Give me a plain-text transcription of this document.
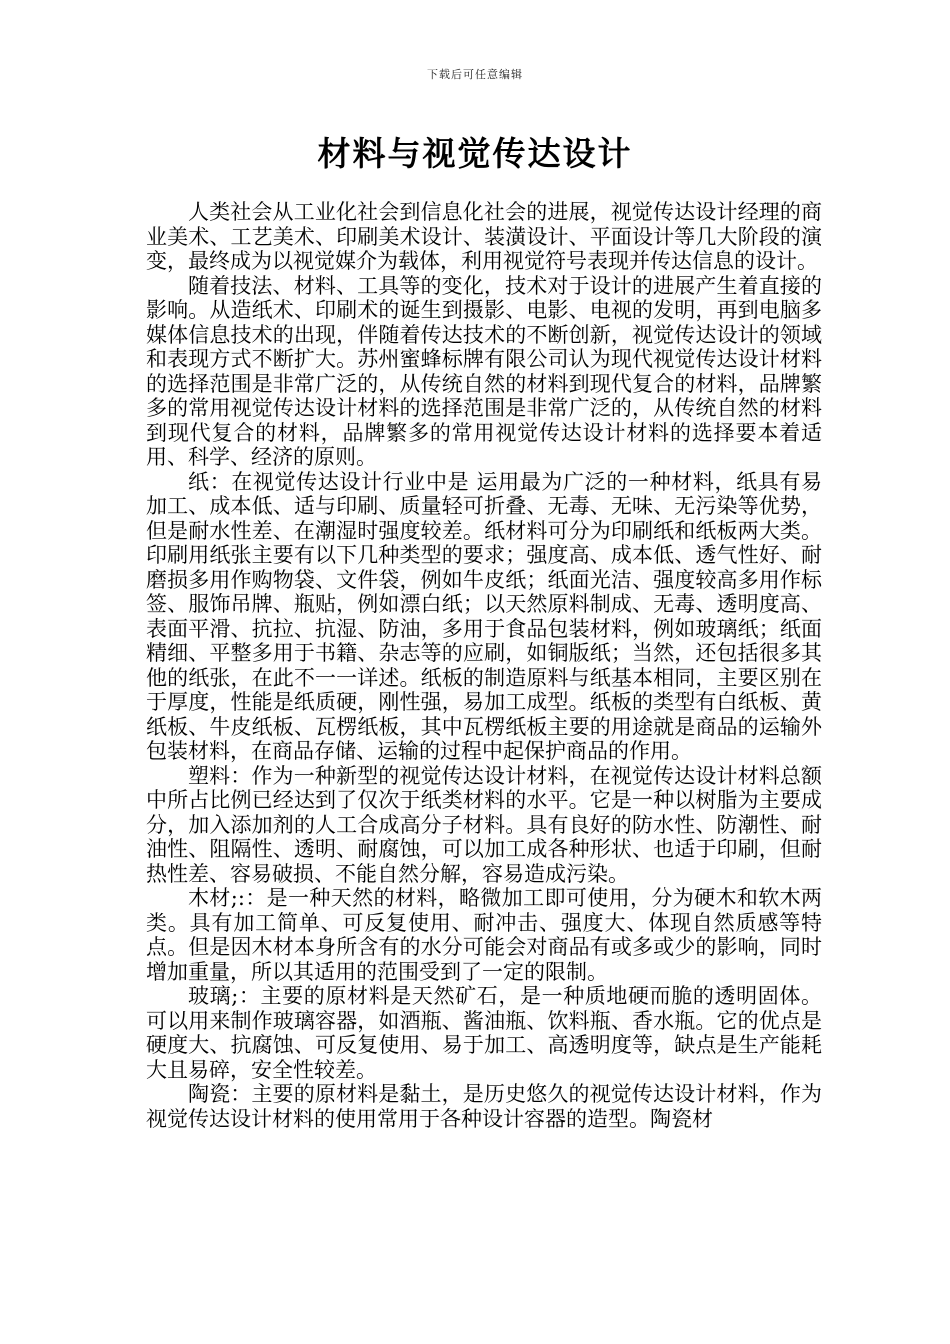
下载后可任意编辑
材料与视觉传达设计

人类社会从工业化社会到信息化社会的进展，视觉传达设计经理的商业美术、工艺美术、印刷美术设计、装潢设计、平面设计等几大阶段的演变，最终成为以视觉媒介为载体，利用视觉符号表现并传达信息的设计。

随着技法、材料、工具等的变化，技术对于设计的进展产生着直接的影响。从造纸术、印刷术的诞生到摄影、电影、电视的发明，再到电脑多媒体信息技术的出现，伴随着传达技术的不断创新，视觉传达设计的领域和表现方式不断扩大。苏州蜜蜂标牌有限公司认为现代视觉传达设计材料的选择范围是非常广泛的，从传统自然的材料到现代复合的材料，品牌繁多的常用视觉传达设计材料的选择范围是非常广泛的，从传统自然的材料到现代复合的材料，品牌繁多的常用视觉传达设计材料的选择要本着适用、科学、经济的原则。

纸：在视觉传达设计行业中是 运用最为广泛的一种材料，纸具有易加工、成本低、适与印刷、质量轻可折叠、无毒、无味、无污染等优势，但是耐水性差、在潮湿时强度较差。纸材料可分为印刷纸和纸板两大类。印刷用纸张主要有以下几种类型的要求；强度高、成本低、透气性好、耐磨损多用作购物袋、文件袋，例如牛皮纸；纸面光洁、强度较高多用作标签、服饰吊牌、瓶贴，例如漂白纸；以天然原料制成、无毒、透明度高、表面平滑、抗拉、抗湿、防油，多用于食品包装材料，例如玻璃纸；纸面精细、平整多用于书籍、杂志等的应刷，如铜版纸；当然，还包括很多其他的纸张，在此不一一详述。纸板的制造原料与纸基本相同，主要区别在于厚度，性能是纸质硬，刚性强，易加工成型。纸板的类型有白纸板、黄纸板、牛皮纸板、瓦楞纸板，其中瓦楞纸板主要的用途就是商品的运输外包装材料，在商品存储、运输的过程中起保护商品的作用。

塑料：作为一种新型的视觉传达设计材料，在视觉传达设计材料总额中所占比例已经达到了仅次于纸类材料的水平。它是一种以树脂为主要成分，加入添加剂的人工合成高分子材料。具有良好的防水性、防潮性、耐油性、阻隔性、透明、耐腐蚀，可以加工成各种形状、也适于印刷，但耐热性差、容易破损、不能自然分解，容易造成污染。

木材;:：是一种天然的材料，略微加工即可使用，分为硬木和软木两类。具有加工简单、可反复使用、耐冲击、强度大、体现自然质感等特点。但是因木材本身所含有的水分可能会对商品有或多或少的影响，同时增加重量，所以其适用的范围受到了一定的限制。

玻璃;：主要的原材料是天然矿石，是一种质地硬而脆的透明固体。可以用来制作玻璃容器，如酒瓶、酱油瓶、饮料瓶、香水瓶。它的优点是硬度大、抗腐蚀、可反复使用、易于加工、高透明度等，缺点是生产能耗大且易碎，安全性较差。

陶瓷：主要的原材料是黏土，是历史悠久的视觉传达设计材料，作为视觉传达设计材料的使用常用于各种设计容器的造型。陶瓷材
